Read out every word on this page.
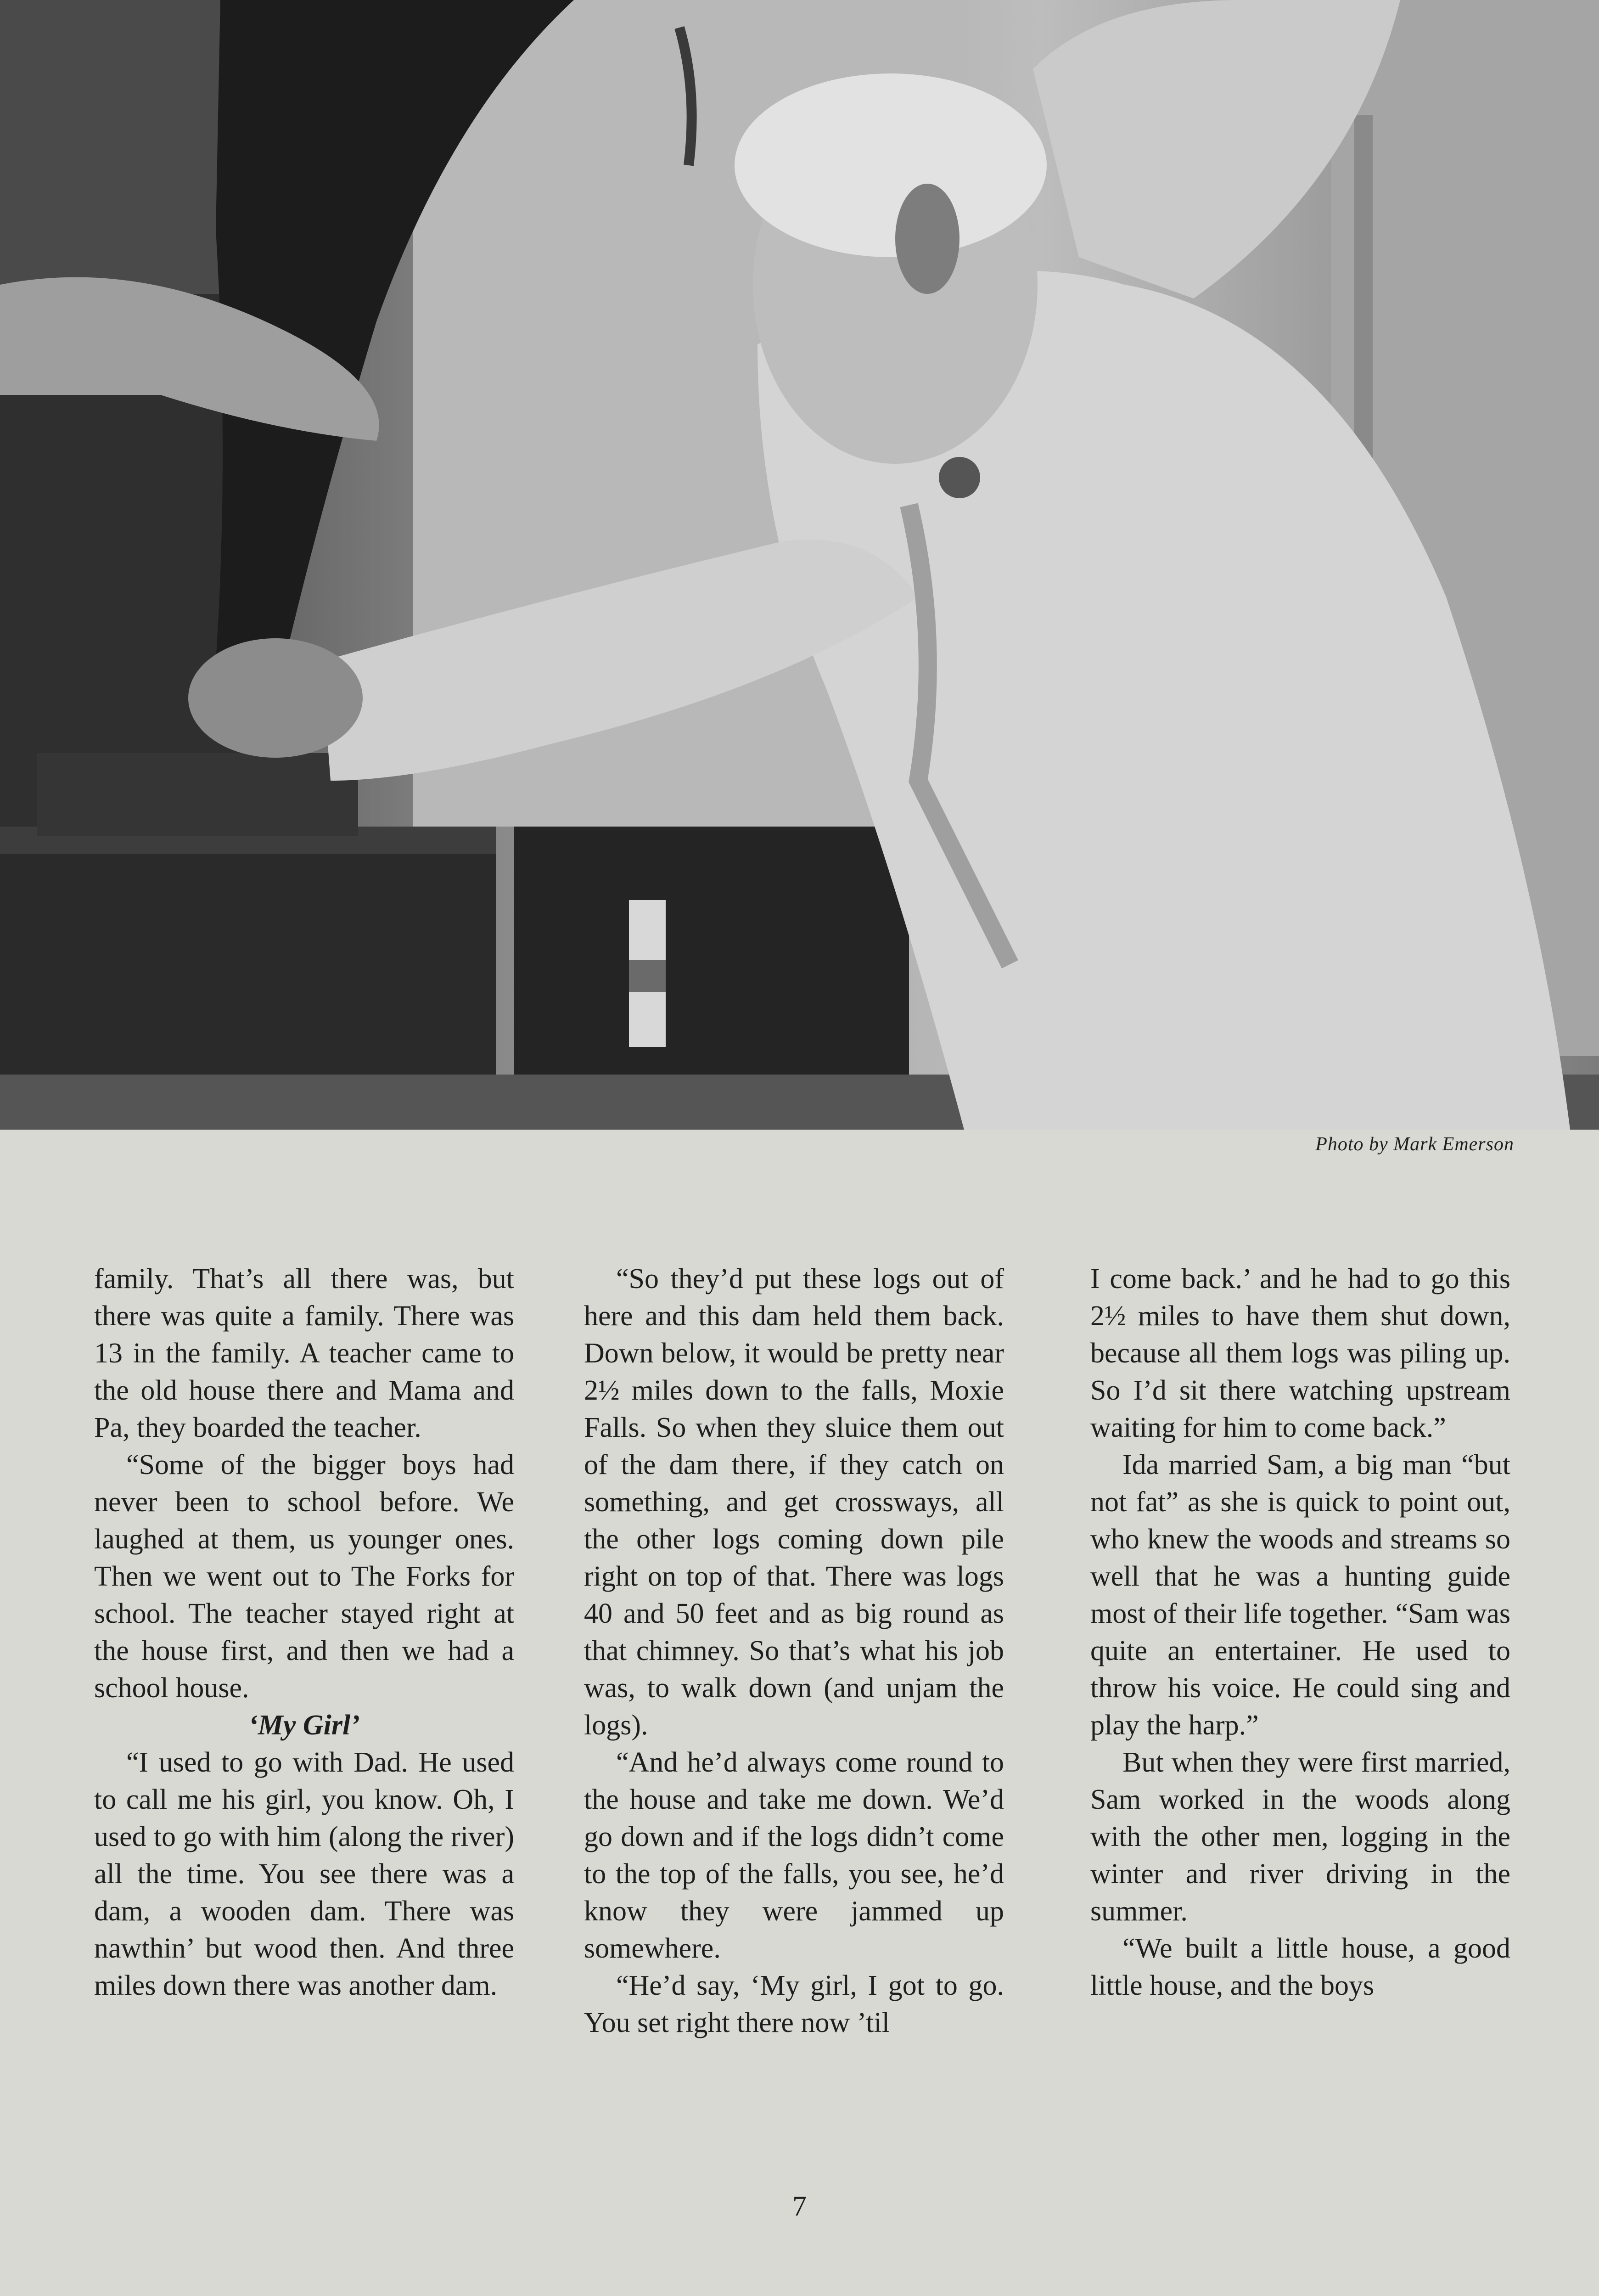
Photo by Mark Emerson

family. That’s all there was, but there was quite a family. There was 13 in the family. A teacher came to the old house there and Mama and Pa, they boarded the teacher.

“Some of the bigger boys had never been to school before. We laughed at them, us younger ones. Then we went out to The Forks for school. The teacher stayed right at the house first, and then we had a school house.

‘My Girl’

“I used to go with Dad. He used to call me his girl, you know. Oh, I used to go with him (along the river) all the time. You see there was a dam, a wooden dam. There was nawthin’ but wood then. And three miles down there was another dam.

“So they’d put these logs out of here and this dam held them back. Down below, it would be pretty near 2½ miles down to the falls, Moxie Falls. So when they sluice them out of the dam there, if they catch on something, and get crossways, all the other logs coming down pile right on top of that. There was logs 40 and 50 feet and as big round as that chimney. So that’s what his job was, to walk down (and unjam the logs).

“And he’d always come round to the house and take me down. We’d go down and if the logs didn’t come to the top of the falls, you see, he’d know they were jammed up somewhere.

“He’d say, ‘My girl, I got to go. You set right there now ’til

I come back.’ and he had to go this 2½ miles to have them shut down, because all them logs was piling up. So I’d sit there watching upstream waiting for him to come back.”

Ida married Sam, a big man “but not fat” as she is quick to point out, who knew the woods and streams so well that he was a hunting guide most of their life together. “Sam was quite an entertainer. He used to throw his voice. He could sing and play the harp.”

But when they were first married, Sam worked in the woods along with the other men, logging in the winter and river driving in the summer.

“We built a little house, a good little house, and the boys

7
